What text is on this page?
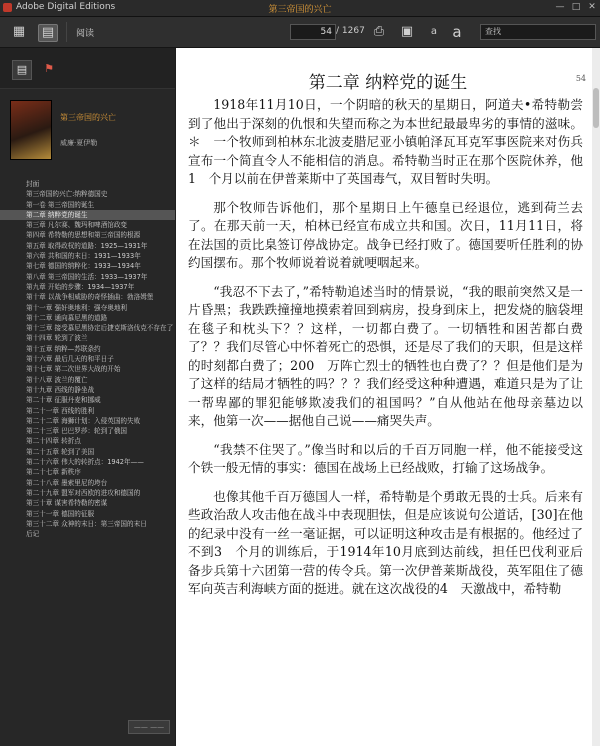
Adobe Digital Editions	第三帝国的兴亡	— □ ✕
▦ ▤	阅读	54 / 1267 ⎙ ▣	a	a	查找
▤	⚑
第三帝国的兴亡
威廉·夏伊勒
封面
第三帝国的兴亡:纳粹德国史
第一卷 第三帝国的诞生
第二章 纳粹党的诞生
第三章 凡尔赛、魏玛和啤酒馆政变
第四章 希特勒的思想和第三帝国的根源
第五章 取得政权的道路：1925—1931年
第六章 共和国的末日：1931—1933年
第七章 德国的纳粹化：1933—1934年
第八章 第三帝国的生活：1933—1937年
第九章 开始的步骤：1934—1937年
第十章 以战争相威胁的奇怪插曲：勃洛姆堡
第十一章 强奸奥地利：强夺奥地利
第十二章 通向慕尼黑的道路
第十三章 接受慕尼黑协定后捷克斯洛伐克不存在了
第十四章 轮到了波兰
第十五章 纳粹—苏联条约
第十六章 最后几天的和平日子
第十七章 第二次世界大战的开始
第十八章 波兰的覆亡
第十九章 西线的静坐战
第二十章 征服丹麦和挪威
第二十一章 西线的胜利
第二十二章 海狮计划：入侵英国的失败
第二十三章 巴巴罗莎：轮到了俄国
第二十四章 转折点
第二十五章 轮到了美国
第二十六章 伟大的转折点：1942年——
第二十七章 新秩序
第二十八章 墨索里尼的垮台
第二十九章 盟军对西欧的进攻和德国的
第三十章 谋害希特勒的密谋
第三十一章 德国的征服
第三十二章 众神的末日：第三帝国的末日
后记
—— ——
第二章 纳粹党的诞生	54

1918年11月10日，一个阴暗的秋天的星期日，阿道夫•希特勒尝到了他出于深刻的仇恨和失望而称之为本世纪最最卑劣的事情的滋味。＊　一个牧师到柏林东北波麦腊尼亚小镇帕泽瓦耳克军事医院来对伤兵宣布一个简直令人不能相信的消息。希特勒当时正在那个医院休养，他1　个月以前在伊普莱斯中了英国毒气，双目暂时失明。

那个牧师告诉他们，那个星期日上午德皇已经退位，逃到荷兰去了。在那天前一天，柏林已经宣布成立共和国。次日，11月11日，将在法国的贡比臬签订停战协定。战争已经打败了。德国要听任胜利的协约国摆布。那个牧师说着说着就哽咽起来。

“我忍不下去了，”希特勒追述当时的情景说，“我的眼前突然又是一片昏黑；我跌跌撞撞地摸索着回到病房，投身到床上，把发烧的脑袋埋在毯子和枕头下？？这样，一切都白费了。一切牺牲和困苦都白费了？？我们尽管心中怀着死亡的恐惧，还是尽了我们的天职，但是这样的时刻都白费了；200　万阵亡烈士的牺牲也白费了？？但是他们是为了这样的结局才牺牲的吗？？？我们经受这种种遭遇，难道只是为了让一帮卑鄙的罪犯能够欺凌我们的祖国吗？”自从他站在他母亲墓边以来，他第一次——据他自己说——痛哭失声。

“我禁不住哭了。”像当时和以后的千百万同胞一样，他不能接受这个铁一般无情的事实：德国在战场上已经战败，打输了这场战争。

也像其他千百万德国人一样，希特勒是个勇敢无畏的士兵。后来有些政治敌人攻击他在战斗中表现胆怯，但是应该说句公道话，[30]在他的纪录中没有一丝一毫证据，可以证明这种攻击是有根据的。他经过了不到3　个月的训练后，于1914年10月底到达前线，担任巴伐利亚后备步兵第十六团第一营的传令兵。第一次伊普莱斯战役，英军阻住了德军向英吉利海峡方面的挺进。就在这次战役的4　天激战中，希特勒
